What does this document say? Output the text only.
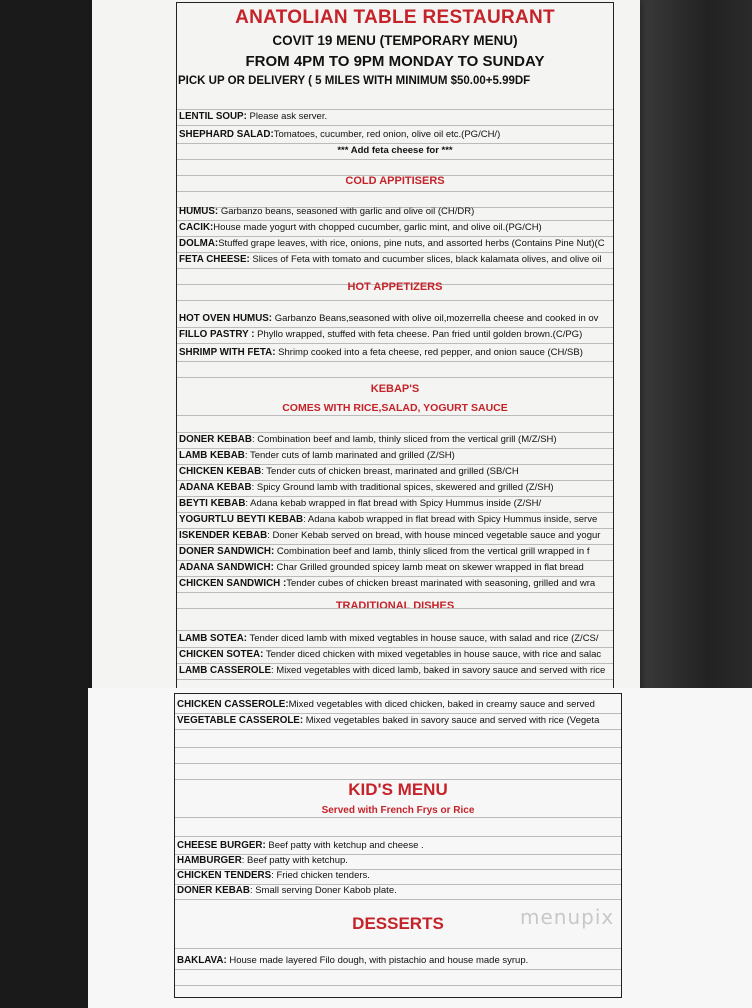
ANATOLIAN TABLE RESTAURANT
COVIT 19 MENU (TEMPORARY MENU)
FROM 4PM TO 9PM MONDAY TO SUNDAY
PICK UP OR DELIVERY ( 5 MILES WITH MINIMUM $50.00+5.99DF
LENTIL SOUP: Please ask server.
SHEPHARD SALAD:Tomatoes, cucumber, red onion, olive oil etc.(PG/CH/)
*** Add feta cheese for ***
COLD APPITISERS
HUMUS: Garbanzo beans, seasoned with garlic and olive oil (CH/DR)
CACIK:House made yogurt with chopped cucumber, garlic mint, and olive oil.(PG/CH)
DOLMA:Stuffed grape leaves, with rice, onions, pine nuts, and assorted herbs (Contains Pine Nut)(C
FETA CHEESE: Slices of Feta with tomato and cucumber slices, black kalamata olives, and olive oil
HOT APPETIZERS
HOT OVEN HUMUS: Garbanzo Beans,seasoned with olive oil,mozerrella cheese and cooked in ov
FILLO PASTRY : Phyllo wrapped, stuffed with feta cheese. Pan fried until golden brown.(C/PG)
SHRIMP WITH FETA: Shrimp cooked into a feta cheese, red pepper, and onion sauce (CH/SB)
KEBAP'S
COMES WITH RICE,SALAD, YOGURT SAUCE
DONER KEBAB: Combination beef and lamb, thinly sliced from the vertical grill (M/Z/SH)
LAMB KEBAB: Tender cuts of lamb marinated and grilled (Z/SH)
CHICKEN KEBAB: Tender cuts of chicken breast, marinated and grilled (SB/CH
ADANA KEBAB: Spicy Ground lamb with traditional spices, skewered and grilled (Z/SH)
BEYTI KEBAB: Adana kebab wrapped in flat bread with Spicy Hummus inside (Z/SH/
YOGURTLU BEYTI KEBAB: Adana kabob wrapped in flat bread with Spicy Hummus inside, serve
ISKENDER KEBAB: Doner Kebab served on bread, with house minced vegetable sauce and yogur
DONER SANDWICH: Combination beef and lamb, thinly sliced from the vertical grill wrapped in f
ADANA SANDWICH: Char Grilled grounded spicey lamb meat on skewer wrapped in flat bread
CHICKEN SANDWICH :Tender cubes of chicken breast marinated with seasoning, grilled and wra
TRADITIONAL DISHES
LAMB SOTEA: Tender diced lamb with mixed vegtables in house sauce, with salad and rice (Z/CS/
CHICKEN SOTEA: Tender diced chicken with mixed vegetables in house sauce, with rice and salac
LAMB CASSEROLE: Mixed vegetables with diced lamb, baked in savory sauce and served with rice
CHICKEN CASSEROLE:Mixed vegetables with diced chicken, baked in creamy sauce and served
VEGETABLE CASSEROLE: Mixed vegetables baked in savory sauce and served with rice (Vegeta
KID'S MENU
Served with French Frys or Rice
CHEESE BURGER: Beef patty with ketchup and cheese .
HAMBURGER: Beef patty with ketchup.
CHICKEN TENDERS: Fried chicken tenders.
DONER KEBAB: Small serving Doner Kabob plate.
DESSERTS
BAKLAVA: House made layered Filo dough, with pistachio and house made syrup.
menupix
